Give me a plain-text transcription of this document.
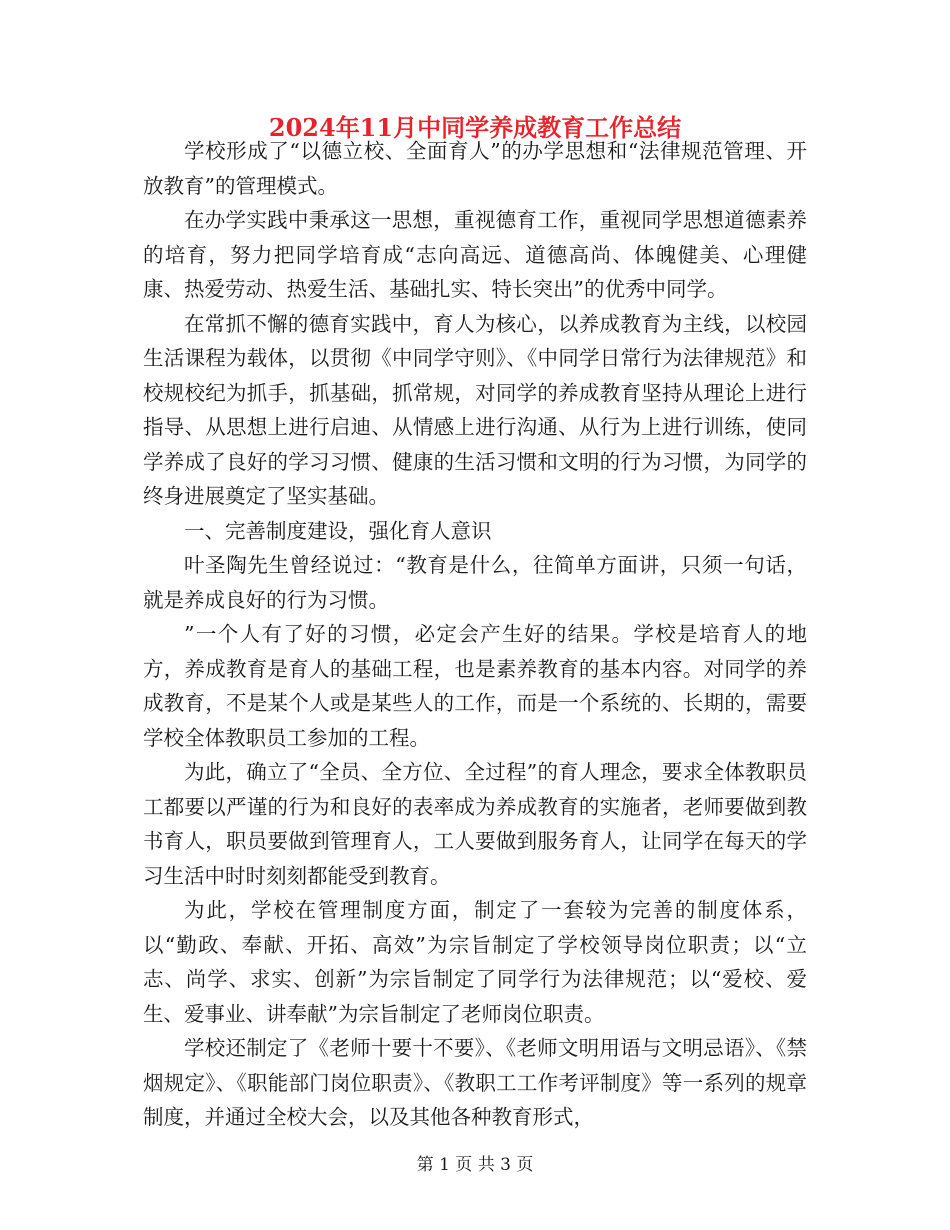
2024年11月中同学养成教育工作总结

学校形成了“以德立校、全面育人”的办学思想和“法律规范管理、开放教育”的管理模式。

在办学实践中秉承这一思想，重视德育工作，重视同学思想道德素养的培育，努力把同学培育成“志向高远、道德高尚、体魄健美、心理健康、热爱劳动、热爱生活、基础扎实、特长突出”的优秀中同学。

在常抓不懈的德育实践中，育人为核心，以养成教育为主线，以校园生活课程为载体，以贯彻《中同学守则》、《中同学日常行为法律规范》和校规校纪为抓手，抓基础，抓常规，对同学的养成教育坚持从理论上进行指导、从思想上进行启迪、从情感上进行沟通、从行为上进行训练，使同学养成了良好的学习习惯、健康的生活习惯和文明的行为习惯，为同学的终身进展奠定了坚实基础。

一、完善制度建设，强化育人意识

叶圣陶先生曾经说过：“教育是什么，往简单方面讲，只须一句话，就是养成良好的行为习惯。

”一个人有了好的习惯，必定会产生好的结果。学校是培育人的地方，养成教育是育人的基础工程，也是素养教育的基本内容。对同学的养成教育，不是某个人或是某些人的工作，而是一个系统的、长期的，需要学校全体教职员工参加的工程。

为此，确立了“全员、全方位、全过程”的育人理念，要求全体教职员工都要以严谨的行为和良好的表率成为养成教育的实施者，老师要做到教书育人，职员要做到管理育人，工人要做到服务育人，让同学在每天的学习生活中时时刻刻都能受到教育。

为此，学校在管理制度方面，制定了一套较为完善的制度体系，以“勤政、奉献、开拓、高效”为宗旨制定了学校领导岗位职责；以“立志、尚学、求实、创新”为宗旨制定了同学行为法律规范；以“爱校、爱生、爱事业、讲奉献”为宗旨制定了老师岗位职责。

学校还制定了《老师十要十不要》、《老师文明用语与文明忌语》、《禁烟规定》、《职能部门岗位职责》、《教职工工作考评制度》等一系列的规章制度，并通过全校大会，以及其他各种教育形式，

第 1 页 共 3 页
